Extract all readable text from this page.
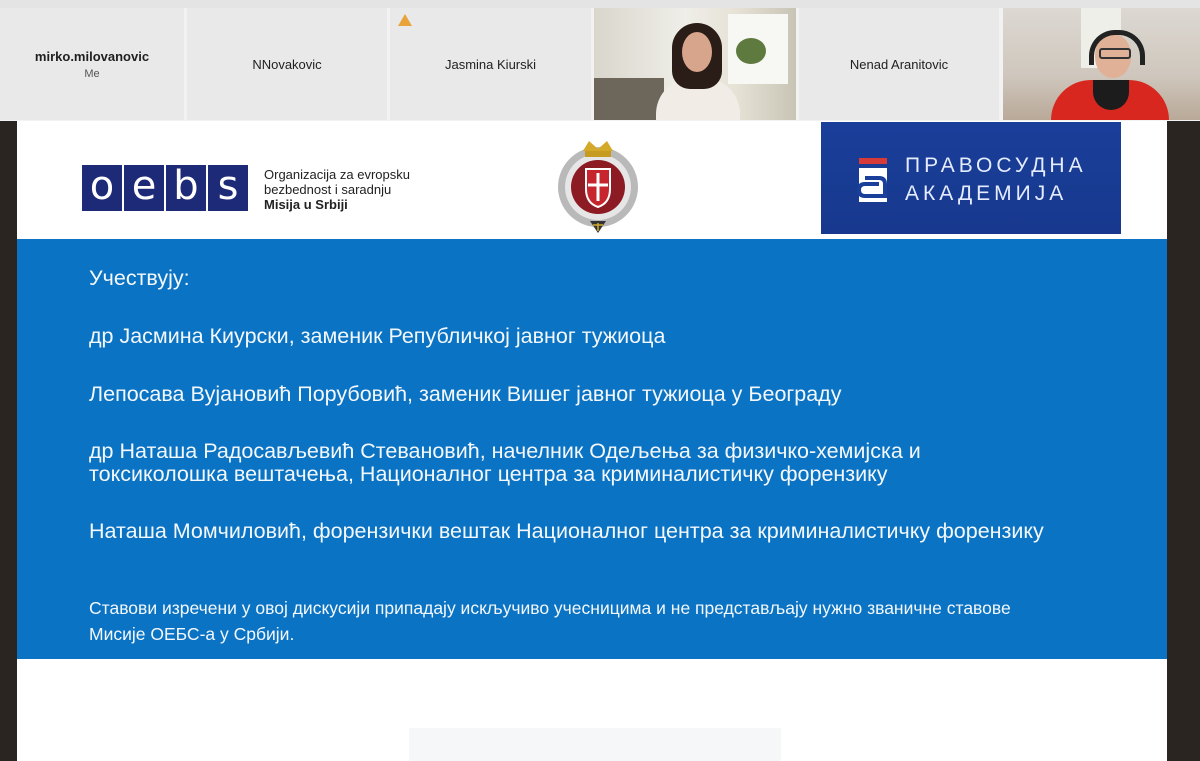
mirko.milovanovic
Me
NNovakovic	Jasmina Kiurski	Nenad Aranitovic
o e b s	Organizacija za evropsku
bezbednost i saradnju
Misija u Srbiji
ПРАВОСУДНА
АКАДЕМИЈА
Учествују:
др Јасмина Киурски, заменик Републичкој јавног тужиоца
Лепосава Вујановић Порубовић, заменик Вишег јавног тужиоца у Београду
др Наташа Радосављевић Стевановић, начелник Одељења за физичко-хемијска и токсиколошка вештачења, Националног центра за криминалистичку форензику
Наташа Момчиловић, форензички вештак Националног центра за криминалистичку форензику
Ставови изречени у овој дискусији припадају искључиво учесницима и не представљају нужно званичне ставове Мисије ОЕБС-а у Србији.
